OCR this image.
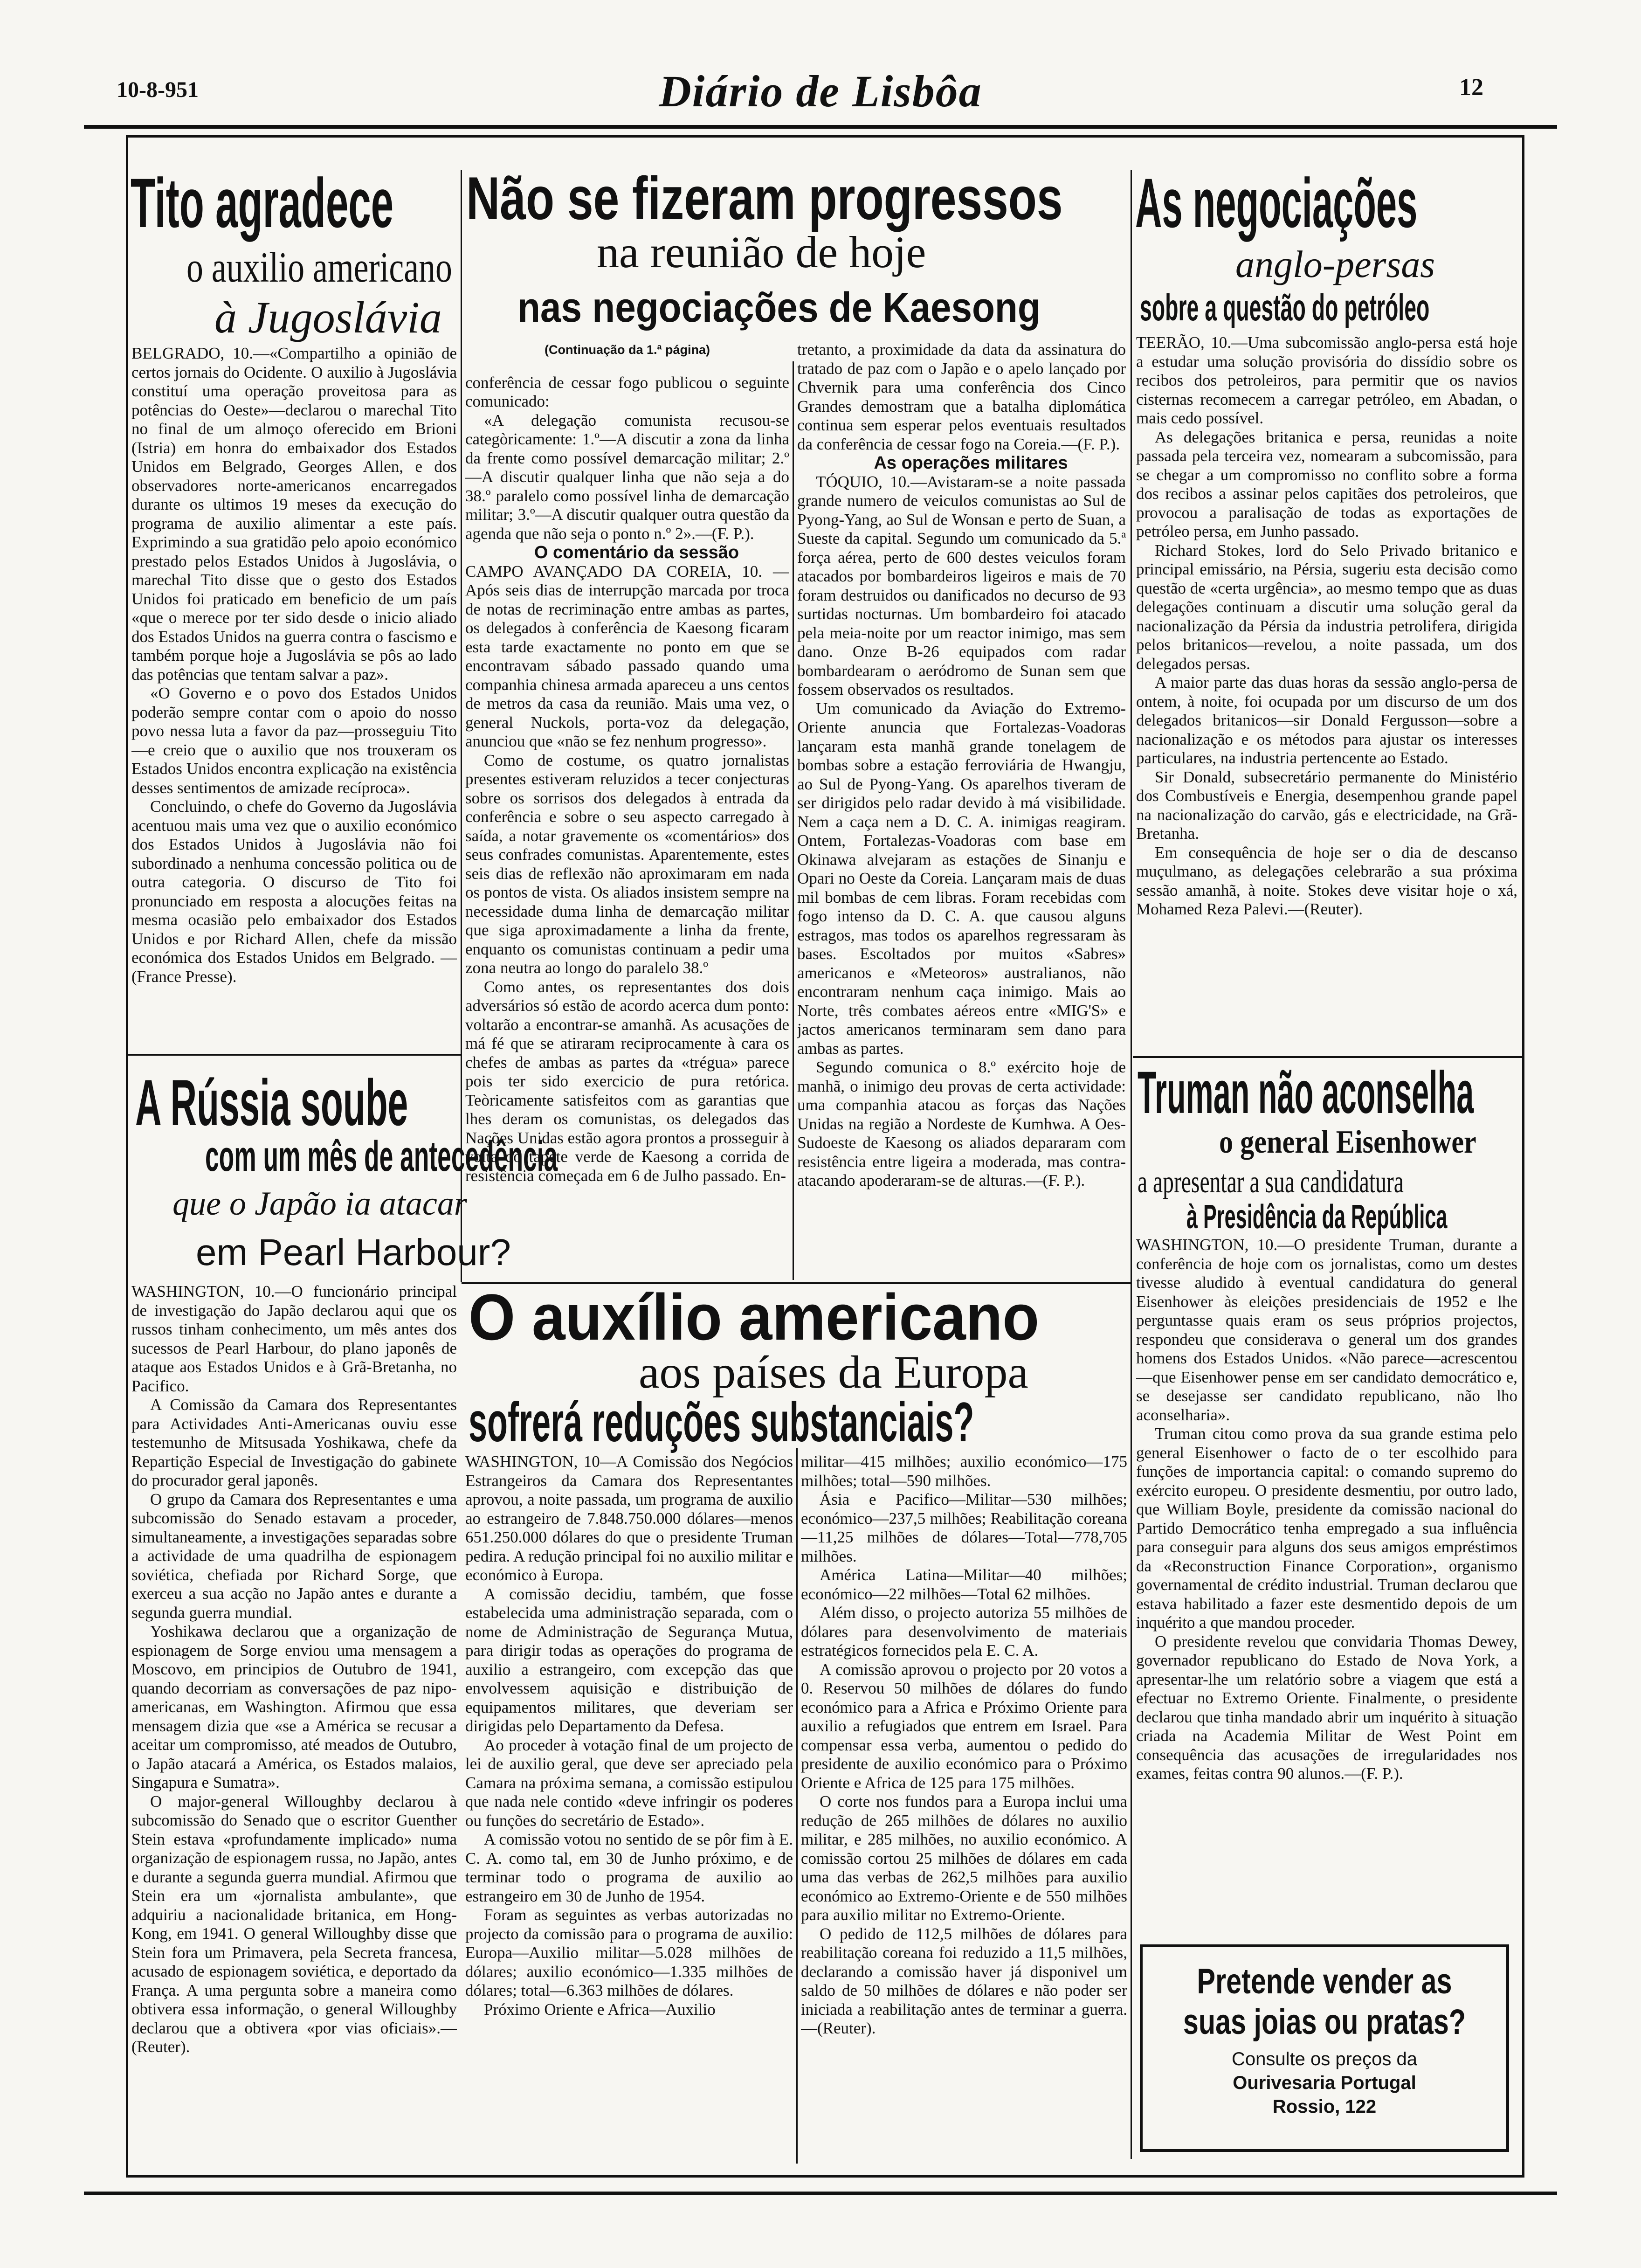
10-8-951	Diário de Lisbôa	12
Tito agradece
o auxilio americano
à Jugoslávia

BELGRADO, 10.—«Compartilho a opinião de certos jornais do Ocidente. O auxilio à Jugoslávia constituí uma operação proveitosa para as potências do Oeste»—declarou o marechal Tito no final de um almoço oferecido em Brioni (Istria) em honra do embaixador dos Estados Unidos em Belgrado, Georges Allen, e dos observadores norte-americanos encarregados durante os ultimos 19 meses da execução do programa de auxilio alimentar a este país. Exprimindo a sua gratidão pelo apoio económico prestado pelos Estados Unidos à Jugoslávia, o marechal Tito disse que o gesto dos Estados Unidos foi praticado em beneficio de um país «que o merece por ter sido desde o inicio aliado dos Estados Unidos na guerra contra o fascismo e também porque hoje a Jugoslávia se pôs ao lado das potências que tentam salvar a paz».

«O Governo e o povo dos Estados Unidos poderão sempre contar com o apoio do nosso povo nessa luta a favor da paz—prosseguiu Tito—e creio que o auxilio que nos trouxeram os Estados Unidos encontra explicação na existência desses sentimentos de amizade recíproca».

Concluindo, o chefe do Governo da Jugoslávia acentuou mais uma vez que o auxilio económico dos Estados Unidos à Jugoslávia não foi subordinado a nenhuma concessão politica ou de outra categoria. O discurso de Tito foi pronunciado em resposta a alocuções feitas na mesma ocasião pelo embaixador dos Estados Unidos e por Richard Allen, chefe da missão económica dos Estados Unidos em Belgrado. —(France Presse).

A Rússia soube
com um mês de antecedência
que o Japão ia atacar
em Pearl Harbour?

WASHINGTON, 10.—O funcionário principal de investigação do Japão declarou aqui que os russos tinham conhecimento, um mês antes dos sucessos de Pearl Harbour, do plano japonês de ataque aos Estados Unidos e à Grã-Bretanha, no Pacifico.

A Comissão da Camara dos Representantes para Actividades Anti-Americanas ouviu esse testemunho de Mitsusada Yoshikawa, chefe da Repartição Especial de Investigação do gabinete do procurador geral japonês.

O grupo da Camara dos Representantes e uma subcomissão do Senado estavam a proceder, simultaneamente, a investigações separadas sobre a actividade de uma quadrilha de espionagem soviética, chefiada por Richard Sorge, que exerceu a sua acção no Japão antes e durante a segunda guerra mundial.

Yoshikawa declarou que a organização de espionagem de Sorge enviou uma mensagem a Moscovo, em principios de Outubro de 1941, quando decorriam as conversações de paz nipo-americanas, em Washington. Afirmou que essa mensagem dizia que «se a América se recusar a aceitar um compromisso, até meados de Outubro, o Japão atacará a América, os Estados malaios, Singapura e Sumatra».

O major-general Willoughby declarou à subcomissão do Senado que o escritor Guenther Stein estava «profundamente implicado» numa organização de espionagem russa, no Japão, antes e durante a segunda guerra mundial. Afirmou que Stein era um «jornalista ambulante», que adquiriu a nacionalidade britanica, em Hong-Kong, em 1941. O general Willoughby disse que Stein fora um Primavera, pela Secreta francesa, acusado de espionagem soviética, e deportado da França. A uma pergunta sobre a maneira como obtivera essa informação, o general Willoughby declarou que a obtivera «por vias oficiais».—(Reuter).

Não se fizeram progressos
na reunião de hoje
nas negociações de Kaesong

(Continuação da 1.ª página)

conferência de cessar fogo publicou o seguinte comunicado:

«A delegação comunista recusou-se categòricamente: 1.º—A discutir a zona da linha da frente como possível demarcação militar; 2.º—A discutir qualquer linha que não seja a do 38.º paralelo como possível linha de demarcação militar; 3.º—A discutir qualquer outra questão da agenda que não seja o ponto n.º 2».—(F. P.).

O comentário da sessão

CAMPO AVANÇADO DA COREIA, 10. —Após seis dias de interrupção marcada por troca de notas de recriminação entre ambas as partes, os delegados à conferência de Kaesong ficaram esta tarde exactamente no ponto em que se encontravam sábado passado quando uma companhia chinesa armada apareceu a uns centos de metros da casa da reunião. Mais uma vez, o general Nuckols, porta-voz da delegação, anunciou que «não se fez nenhum progresso».

Como de costume, os quatro jornalistas presentes estiveram reluzidos a tecer conjecturas sobre os sorrisos dos delegados à entrada da conferência e sobre o seu aspecto carregado à saída, a notar gravemente os «comentários» dos seus confrades comunistas. Aparentemente, estes seis dias de reflexão não aproximaram em nada os pontos de vista. Os aliados insistem sempre na necessidade duma linha de demarcação militar que siga aproximadamente a linha da frente, enquanto os comunistas continuam a pedir uma zona neutra ao longo do paralelo 38.º

Como antes, os representantes dos dois adversários só estão de acordo acerca dum ponto: voltarão a encontrar-se amanhã. As acusações de má fé que se atiraram reciprocamente à cara os chefes de ambas as partes da «trégua» parece pois ter sido exercicio de pura retórica. Teòricamente satisfeitos com as garantias que lhes deram os comunistas, os delegados das Nações Unidas estão agora prontos a prosseguir à volta do tapete verde de Kaesong a corrida de resistência começada em 6 de Julho passado. En-

tretanto, a proximidade da data da assinatura do tratado de paz com o Japão e o apelo lançado por Chvernik para uma conferência dos Cinco Grandes demostram que a batalha diplomática continua sem esperar pelos eventuais resultados da conferência de cessar fogo na Coreia.—(F. P.).

As operações militares

TÓQUIO, 10.—Avistaram-se a noite passada grande numero de veiculos comunistas ao Sul de Pyong-Yang, ao Sul de Wonsan e perto de Suan, a Sueste da capital. Segundo um comunicado da 5.ª força aérea, perto de 600 destes veiculos foram atacados por bombardeiros ligeiros e mais de 70 foram destruidos ou danificados no decurso de 93 surtidas nocturnas. Um bombardeiro foi atacado pela meia-noite por um reactor inimigo, mas sem dano. Onze B-26 equipados com radar bombardearam o aeródromo de Sunan sem que fossem observados os resultados.

Um comunicado da Aviação do Extremo-Oriente anuncia que Fortalezas-Voadoras lançaram esta manhã grande tonelagem de bombas sobre a estação ferroviária de Hwangju, ao Sul de Pyong-Yang. Os aparelhos tiveram de ser dirigidos pelo radar devido à má visibilidade. Nem a caça nem a D. C. A. inimigas reagiram. Ontem, Fortalezas-Voadoras com base em Okinawa alvejaram as estações de Sinanju e Opari no Oeste da Coreia. Lançaram mais de duas mil bombas de cem libras. Foram recebidas com fogo intenso da D. C. A. que causou alguns estragos, mas todos os aparelhos regressaram às bases. Escoltados por muitos «Sabres» americanos e «Meteoros» australianos, não encontraram nenhum caça inimigo. Mais ao Norte, três combates aéreos entre «MIG'S» e jactos americanos terminaram sem dano para ambas as partes.

Segundo comunica o 8.º exército hoje de manhã, o inimigo deu provas de certa actividade: uma companhia atacou as forças das Nações Unidas na região a Nordeste de Kumhwa. A Oes-Sudoeste de Kaesong os aliados depararam com resistência entre ligeira a moderada, mas contra-atacando apoderaram-se de alturas.—(F. P.).

O auxílio americano
aos países da Europa
sofrerá reduções substanciais?

WASHINGTON, 10—A Comissão dos Negócios Estrangeiros da Camara dos Representantes aprovou, a noite passada, um programa de auxilio ao estrangeiro de 7.848.750.000 dólares—menos 651.250.000 dólares do que o presidente Truman pedira. A redução principal foi no auxilio militar e económico à Europa.

A comissão decidiu, também, que fosse estabelecida uma administração separada, com o nome de Administração de Segurança Mutua, para dirigir todas as operações do programa de auxilio a estrangeiro, com excepção das que envolvessem aquisição e distribuição de equipamentos militares, que deveriam ser dirigidas pelo Departamento da Defesa.

Ao proceder à votação final de um projecto de lei de auxilio geral, que deve ser apreciado pela Camara na próxima semana, a comissão estipulou que nada nele contido «deve infringir os poderes ou funções do secretário de Estado».

A comissão votou no sentido de se pôr fim à E. C. A. como tal, em 30 de Junho próximo, e de terminar todo o programa de auxilio ao estrangeiro em 30 de Junho de 1954.

Foram as seguintes as verbas autorizadas no projecto da comissão para o programa de auxilio: Europa—Auxilio militar—5.028 milhões de dólares; auxilio económico—1.335 milhões de dólares; total—6.363 milhões de dólares.

Próximo Oriente e Africa—Auxilio

militar—415 milhões; auxilio económico—175 milhões; total—590 milhões.

Ásia e Pacifico—Militar—530 milhões; económico—237,5 milhões; Reabilitação coreana—11,25 milhões de dólares—Total—778,705 milhões.

América Latina—Militar—40 milhões; económico—22 milhões—Total 62 milhões.

Além disso, o projecto autoriza 55 milhões de dólares para desenvolvimento de materiais estratégicos fornecidos pela E. C. A.

A comissão aprovou o projecto por 20 votos a 0. Reservou 50 milhões de dólares do fundo económico para a Africa e Próximo Oriente para auxilio a refugiados que entrem em Israel. Para compensar essa verba, aumentou o pedido do presidente de auxilio económico para o Próximo Oriente e Africa de 125 para 175 milhões.

O corte nos fundos para a Europa inclui uma redução de 265 milhões de dólares no auxilio militar, e 285 milhões, no auxilio económico. A comissão cortou 25 milhões de dólares em cada uma das verbas de 262,5 milhões para auxilio económico ao Extremo-Oriente e de 550 milhões para auxilio militar no Extremo-Oriente.

O pedido de 112,5 milhões de dólares para reabilitação coreana foi reduzido a 11,5 milhões, declarando a comissão haver já disponivel um saldo de 50 milhões de dólares e não poder ser iniciada a reabilitação antes de terminar a guerra.—(Reuter).

As negociações
anglo-persas
sobre a questão do petróleo

TEERÃO, 10.—Uma subcomissão anglo-persa está hoje a estudar uma solução provisória do dissídio sobre os recibos dos petroleiros, para permitir que os navios cisternas recomecem a carregar petróleo, em Abadan, o mais cedo possível.

As delegações britanica e persa, reunidas a noite passada pela terceira vez, nomearam a subcomissão, para se chegar a um compromisso no conflito sobre a forma dos recibos a assinar pelos capitães dos petroleiros, que provocou a paralisação de todas as exportações de petróleo persa, em Junho passado.

Richard Stokes, lord do Selo Privado britanico e principal emissário, na Pérsia, sugeriu esta decisão como questão de «certa urgência», ao mesmo tempo que as duas delegações continuam a discutir uma solução geral da nacionalização da Pérsia da industria petrolifera, dirigida pelos britanicos—revelou, a noite passada, um dos delegados persas.

A maior parte das duas horas da sessão anglo-persa de ontem, à noite, foi ocupada por um discurso de um dos delegados britanicos—sir Donald Fergusson—sobre a nacionalização e os métodos para ajustar os interesses particulares, na industria pertencente ao Estado.

Sir Donald, subsecretário permanente do Ministério dos Combustíveis e Energia, desempenhou grande papel na nacionalização do carvão, gás e electricidade, na Grã-Bretanha.

Em consequência de hoje ser o dia de descanso muçulmano, as delegações celebrarão a sua próxima sessão amanhã, à noite. Stokes deve visitar hoje o xá, Mohamed Reza Palevi.—(Reuter).

Truman não aconselha
o general Eisenhower
a apresentar a sua candidatura
à Presidência da República

WASHINGTON, 10.—O presidente Truman, durante a conferência de hoje com os jornalistas, como um destes tivesse aludido à eventual candidatura do general Eisenhower às eleições presidenciais de 1952 e lhe perguntasse quais eram os seus próprios projectos, respondeu que considerava o general um dos grandes homens dos Estados Unidos. «Não parece—acrescentou—que Eisenhower pense em ser candidato democrático e, se desejasse ser candidato republicano, não lho aconselharia».

Truman citou como prova da sua grande estima pelo general Eisenhower o facto de o ter escolhido para funções de importancia capital: o comando supremo do exército europeu. O presidente desmentiu, por outro lado, que William Boyle, presidente da comissão nacional do Partido Democrático tenha empregado a sua influência para conseguir para alguns dos seus amigos empréstimos da «Reconstruction Finance Corporation», organismo governamental de crédito industrial. Truman declarou que estava habilitado a fazer este desmentido depois de um inquérito a que mandou proceder.

O presidente revelou que convidaria Thomas Dewey, governador republicano do Estado de Nova York, a apresentar-lhe um relatório sobre a viagem que está a efectuar no Extremo Oriente. Finalmente, o presidente declarou que tinha mandado abrir um inquérito à situação criada na Academia Militar de West Point em consequência das acusações de irregularidades nos exames, feitas contra 90 alunos.—(F. P.).

Pretende vender as
suas joias ou pratas?
Consulte os preços da
Ourivesaria Portugal
Rossio, 122
